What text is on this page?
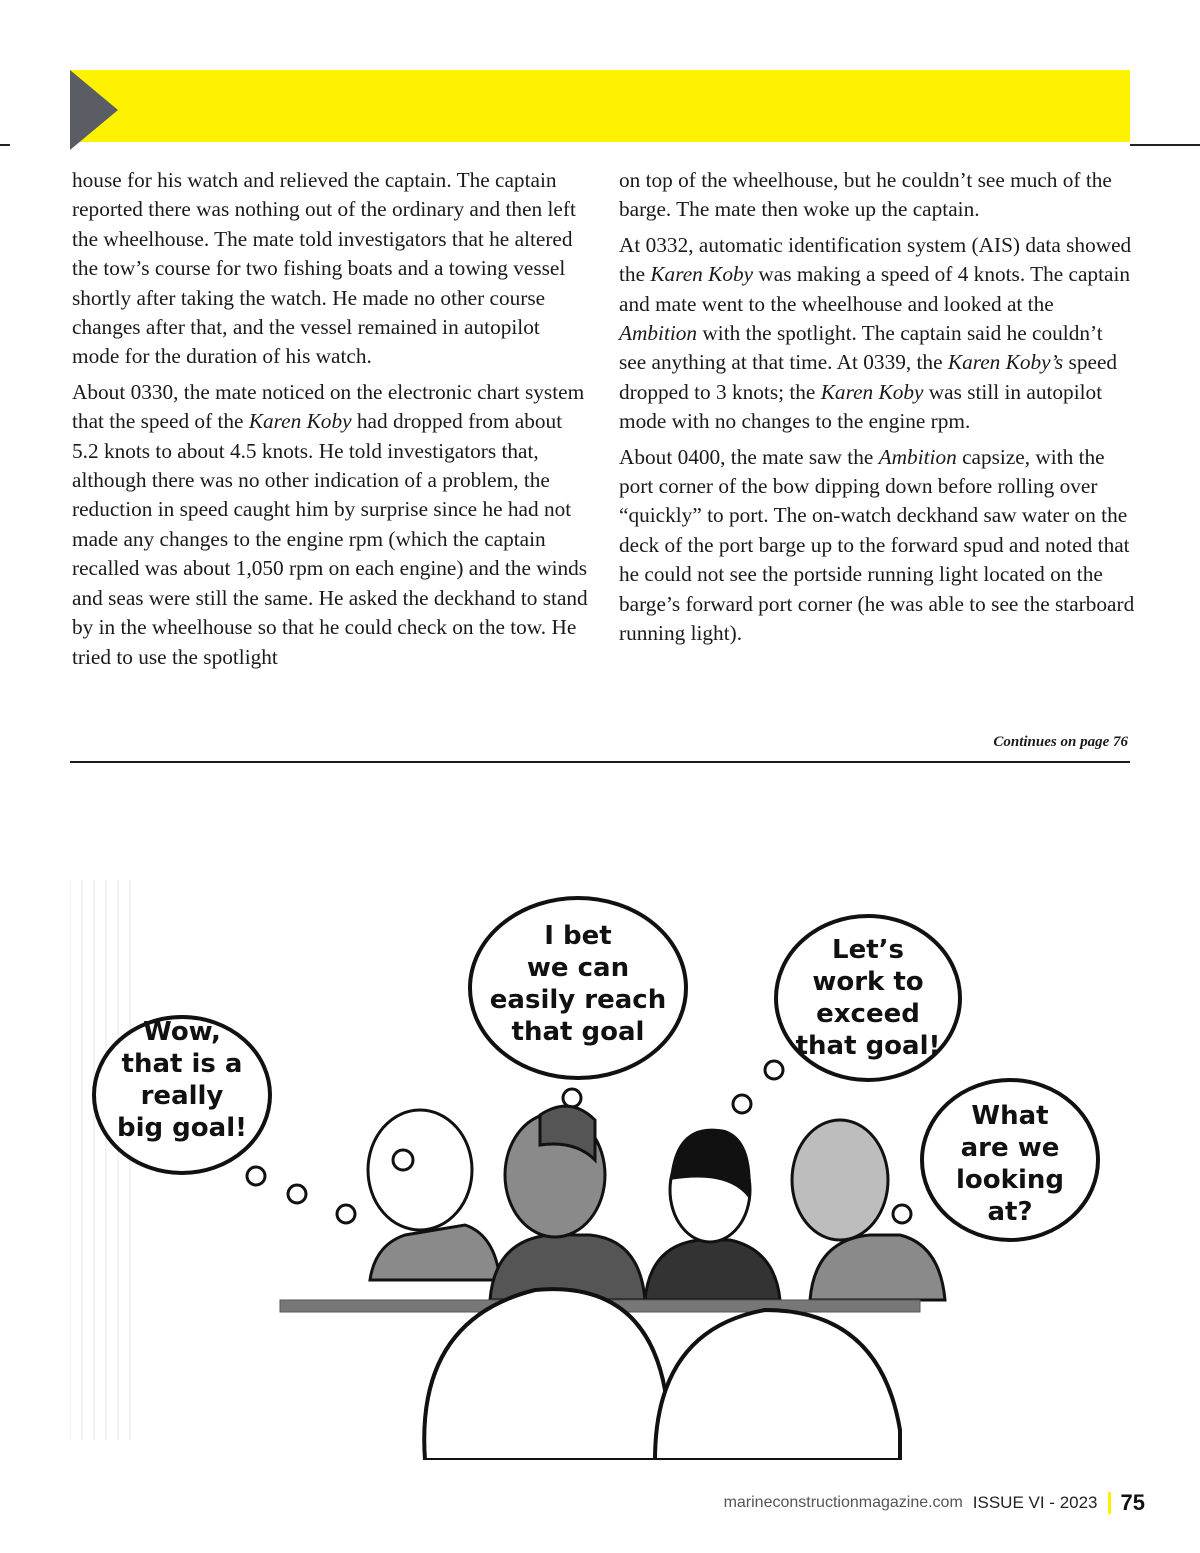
house for his watch and relieved the captain. The captain reported there was nothing out of the ordinary and then left the wheelhouse. The mate told investigators that he altered the tow’s course for two fishing boats and a towing vessel shortly after taking the watch. He made no other course changes after that, and the vessel remained in autopilot mode for the duration of his watch.

About 0330, the mate noticed on the electronic chart system that the speed of the Karen Koby had dropped from about 5.2 knots to about 4.5 knots. He told investigators that, although there was no other indication of a problem, the reduction in speed caught him by surprise since he had not made any changes to the engine rpm (which the captain recalled was about 1,050 rpm on each engine) and the winds and seas were still the same. He asked the deckhand to stand by in the wheelhouse so that he could check on the tow. He tried to use the spotlight

on top of the wheelhouse, but he couldn’t see much of the barge. The mate then woke up the captain.

At 0332, automatic identification system (AIS) data showed the Karen Koby was making a speed of 4 knots. The captain and mate went to the wheelhouse and looked at the Ambition with the spotlight. The captain said he couldn’t see anything at that time. At 0339, the Karen Koby’s speed dropped to 3 knots; the Karen Koby was still in autopilot mode with no changes to the engine rpm.

About 0400, the mate saw the Ambition capsize, with the port corner of the bow dipping down before rolling over “quickly” to port. The on-watch deckhand saw water on the deck of the port barge up to the forward spud and noted that he could not see the portside running light located on the barge’s forward port corner (he was able to see the starboard running light).

Continues on page 76
Wow,
that is a
really
big goal!
I bet
we can
easily reach
that goal
Let’s
work to
exceed
that goal!
What
are we
looking
at?
marineconstructionmagazine.com ISSUE VI - 2023 75
